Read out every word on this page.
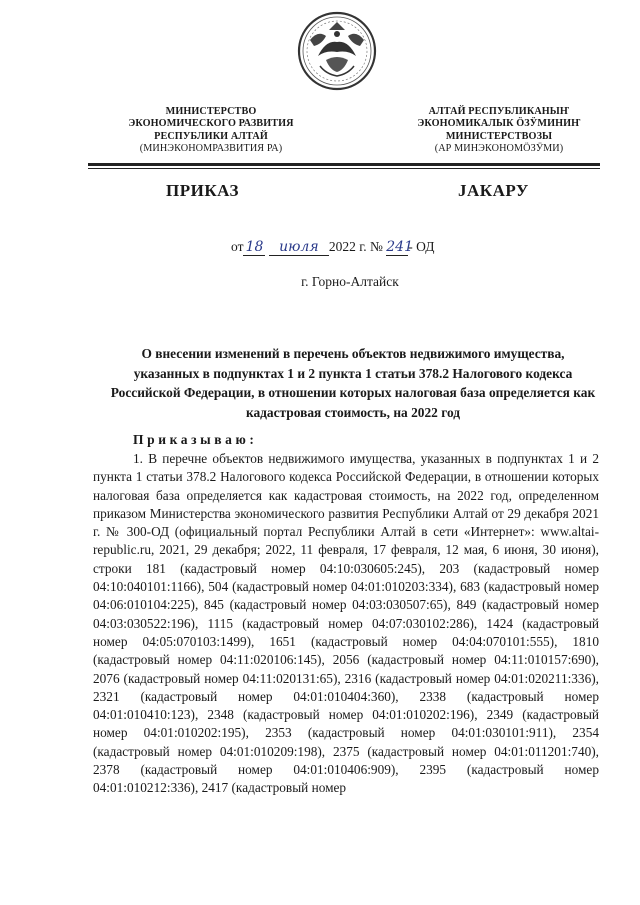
МИНИСТЕРСТВО
ЭКОНОМИЧЕСКОГО РАЗВИТИЯ
РЕСПУБЛИКИ АЛТАЙ
(МИНЭКОНОМРАЗВИТИЯ РА)
АЛТАЙ РЕСПУБЛИКАНЫҤ
ЭКОНОМИКАЛЫК ÖЗӰМИНИҤ
МИНИСТЕРСТВОЗЫ
(АР МИНЭКОНОМÖЗӰМИ)
ПРИКАЗ	JАКАРУ
от 18 июля 2022 г. № 241- ОД
г. Горно-Алтайск
О внесении изменений в перечень объектов недвижимого имущества, указанных в подпунктах 1 и 2 пункта 1 статьи 378.2 Налогового кодекса Российской Федерации, в отношении которых налоговая база определяется как кадастровая стоимость, на 2022 год
Приказываю:
1. В перечне объектов недвижимого имущества, указанных в подпунктах 1 и 2 пункта 1 статьи 378.2 Налогового кодекса Российской Федерации, в отношении которых налоговая база определяется как кадастровая стоимость, на 2022 год, определенном приказом Министерства экономического развития Республики Алтай от 29 декабря 2021 г. № 300-ОД (официальный портал Республики Алтай в сети «Интернет»: www.altai-republic.ru, 2021, 29 декабря; 2022, 11 февраля, 17 февраля, 12 мая, 6 июня, 30 июня), строки 181 (кадастровый номер 04:10:030605:245), 203 (кадастровый номер 04:10:040101:1166), 504 (кадастровый номер 04:01:010203:334), 683 (кадастровый номер 04:06:010104:225), 845 (кадастровый номер 04:03:030507:65), 849 (кадастровый номер 04:03:030522:196), 1115 (кадастровый номер 04:07:030102:286), 1424 (кадастровый номер 04:05:070103:1499), 1651 (кадастровый номер 04:04:070101:555), 1810 (кадастровый номер 04:11:020106:145), 2056 (кадастровый номер 04:11:010157:690), 2076 (кадастровый номер 04:11:020131:65), 2316 (кадастровый номер 04:01:020211:336), 2321 (кадастровый номер 04:01:010404:360), 2338 (кадастровый номер 04:01:010410:123), 2348 (кадастровый номер 04:01:010202:196), 2349 (кадастровый номер 04:01:010202:195), 2353 (кадастровый номер 04:01:030101:911), 2354 (кадастровый номер 04:01:010209:198), 2375 (кадастровый номер 04:01:011201:740), 2378 (кадастровый номер 04:01:010406:909), 2395 (кадастровый номер 04:01:010212:336), 2417 (кадастровый номер
